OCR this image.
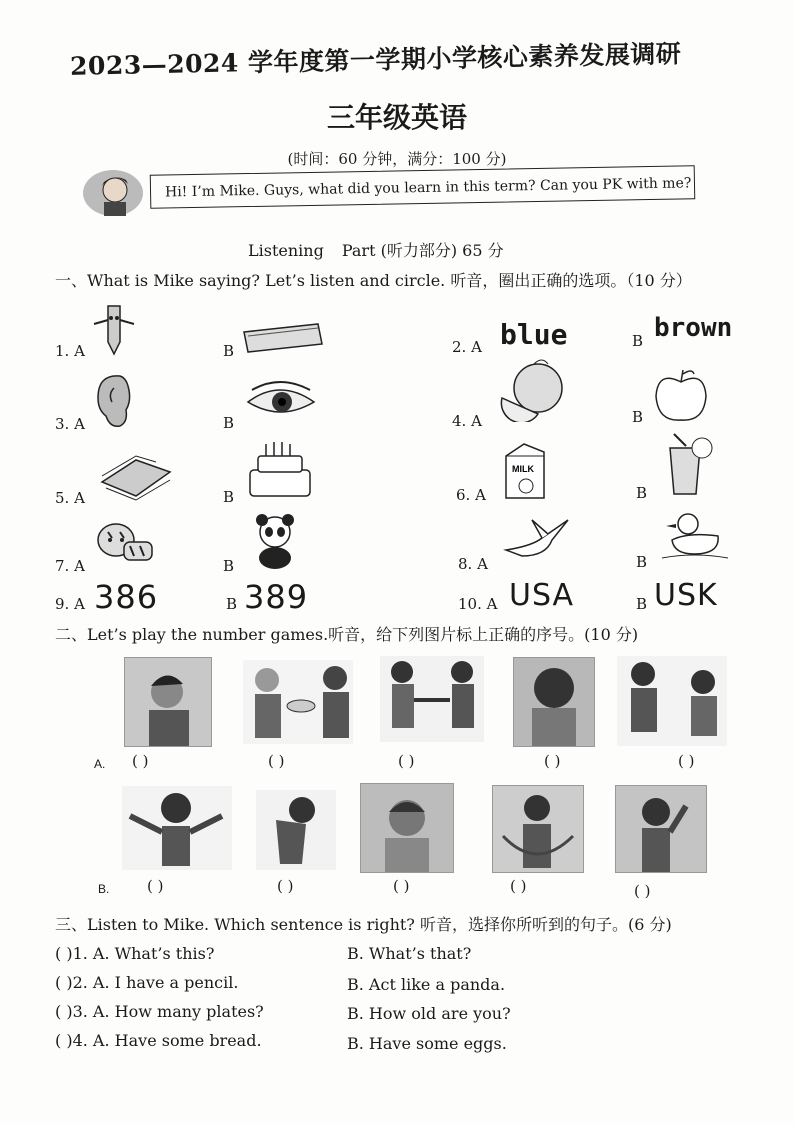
2023—2024 学年度第一学期小学核心素养发展调研
三年级英语
(时间：60 分钟，满分：100 分)
Hi! I’m Mike. Guys, what did you learn in this term? Can you PK with me?
Listening Part (听力部分) 65 分
一、What is Mike saying? Let’s listen and circle. 听音，圈出正确的选项。（10 分）
1. A	B	2. A blue	B brown
3. A	B	4. A	B
5. A	B	6. A
MILK
B
7. A	B	8. A	B
9. A 386	B 389	10. A USA	B USK
二、Let’s play the number games.听音，给下列图片标上正确的序号。(10 分)
A. ( )	( )	( )	( )	( )
B.	( )	( )	( )	( )	( )
三、Listen to Mike. Which sentence is right? 听音，选择你所听到的句子。(6 分)
( )1. A. What’s this?	B. What’s that?
( )2. A. I have a pencil.	B. Act like a panda.
( )3. A. How many plates?	B. How old are you?
( )4. A. Have some bread.	B. Have some eggs.
